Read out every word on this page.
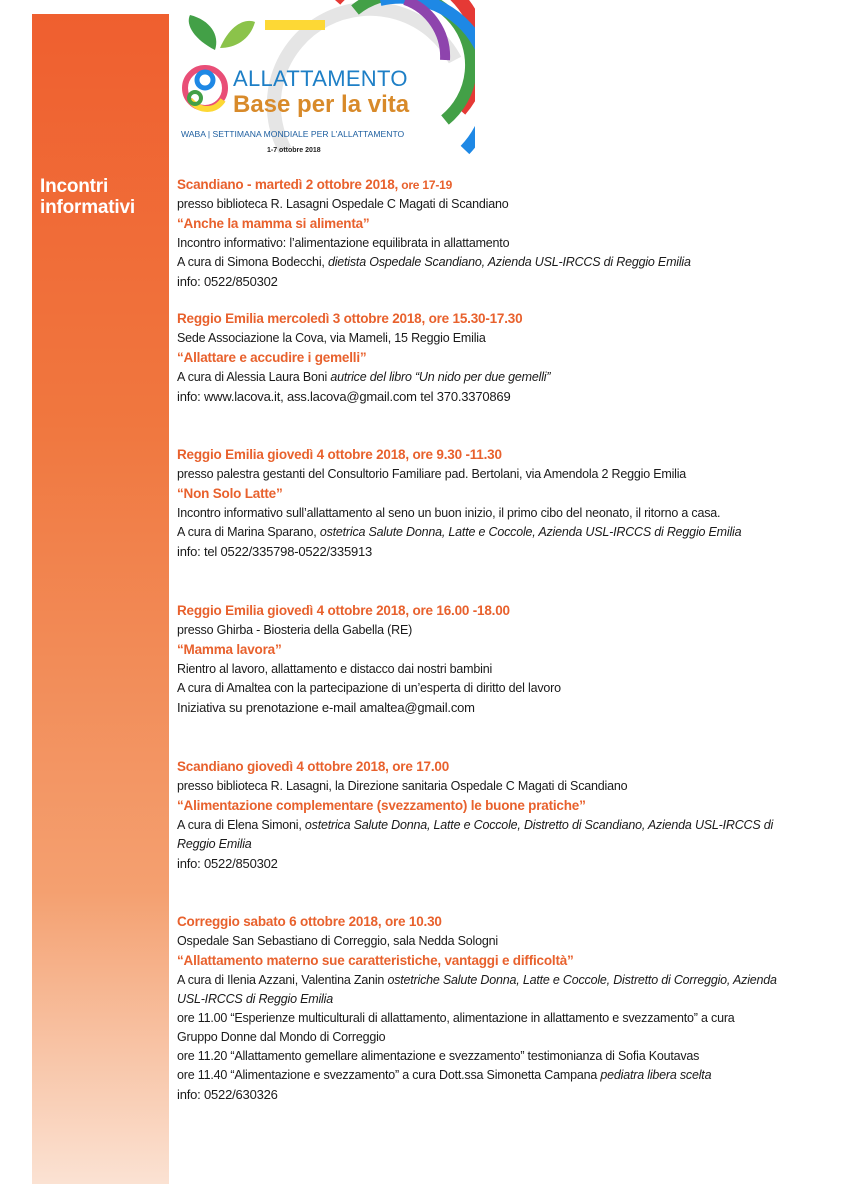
Incontri
informativi
ALLATTAMENTO
Base per la vita
WABA | SETTIMANA MONDIALE PER L'ALLATTAMENTO
1-7 ottobre 2018
Scandiano - martedì 2 ottobre 2018, ore 17-19
presso biblioteca R. Lasagni Ospedale C Magati di Scandiano
“Anche la mamma si alimenta”
Incontro informativo: l’alimentazione equilibrata in allattamento
A cura di Simona Bodecchi, dietista Ospedale Scandiano, Azienda USL-IRCCS di Reggio Emilia
info: 0522/850302
Reggio Emilia mercoledì 3 ottobre 2018, ore 15.30-17.30
Sede Associazione la Cova, via Mameli, 15 Reggio Emilia
“Allattare e accudire i gemelli”
A cura di Alessia Laura Boni autrice del libro “Un nido per due gemelli”
info: www.lacova.it, ass.lacova@gmail.com tel 370.3370869
Reggio Emilia giovedì 4 ottobre 2018, ore 9.30 -11.30
presso palestra gestanti del Consultorio Familiare pad. Bertolani, via Amendola 2 Reggio Emilia
“Non Solo Latte”
Incontro informativo sull’allattamento al seno un buon inizio, il primo cibo del neonato, il ritorno a casa.
A cura di Marina Sparano, ostetrica Salute Donna, Latte e Coccole, Azienda USL-IRCCS di Reggio Emilia
info: tel 0522/335798-0522/335913
Reggio Emilia giovedì 4 ottobre 2018, ore 16.00 -18.00
presso Ghirba - Biosteria della Gabella (RE)
“Mamma lavora”
Rientro al lavoro, allattamento e distacco dai nostri bambini
A cura di Amaltea con la partecipazione di un’esperta di diritto del lavoro
Iniziativa su prenotazione e-mail amaltea@gmail.com
Scandiano giovedì 4 ottobre 2018, ore 17.00
presso biblioteca R. Lasagni, la Direzione sanitaria Ospedale C Magati di Scandiano
“Alimentazione complementare (svezzamento) le buone pratiche”
A cura di Elena Simoni, ostetrica Salute Donna, Latte e Coccole, Distretto di Scandiano, Azienda USL-IRCCS di Reggio Emilia
info: 0522/850302
Correggio sabato 6 ottobre 2018, ore 10.30
Ospedale San Sebastiano di Correggio, sala Nedda Sologni
“Allattamento materno sue caratteristiche, vantaggi e difficoltà”
A cura di Ilenia Azzani, Valentina Zanin ostetriche Salute Donna, Latte e Coccole, Distretto di Correggio, Azienda USL-IRCCS di Reggio Emilia
ore 11.00 “Esperienze multiculturali di allattamento, alimentazione in allattamento e svezzamento” a cura Gruppo Donne dal Mondo di Correggio
ore 11.20 “Allattamento gemellare alimentazione e svezzamento” testimonianza di Sofia Koutavas
ore 11.40 “Alimentazione e svezzamento” a cura Dott.ssa Simonetta Campana pediatra libera scelta
info: 0522/630326
